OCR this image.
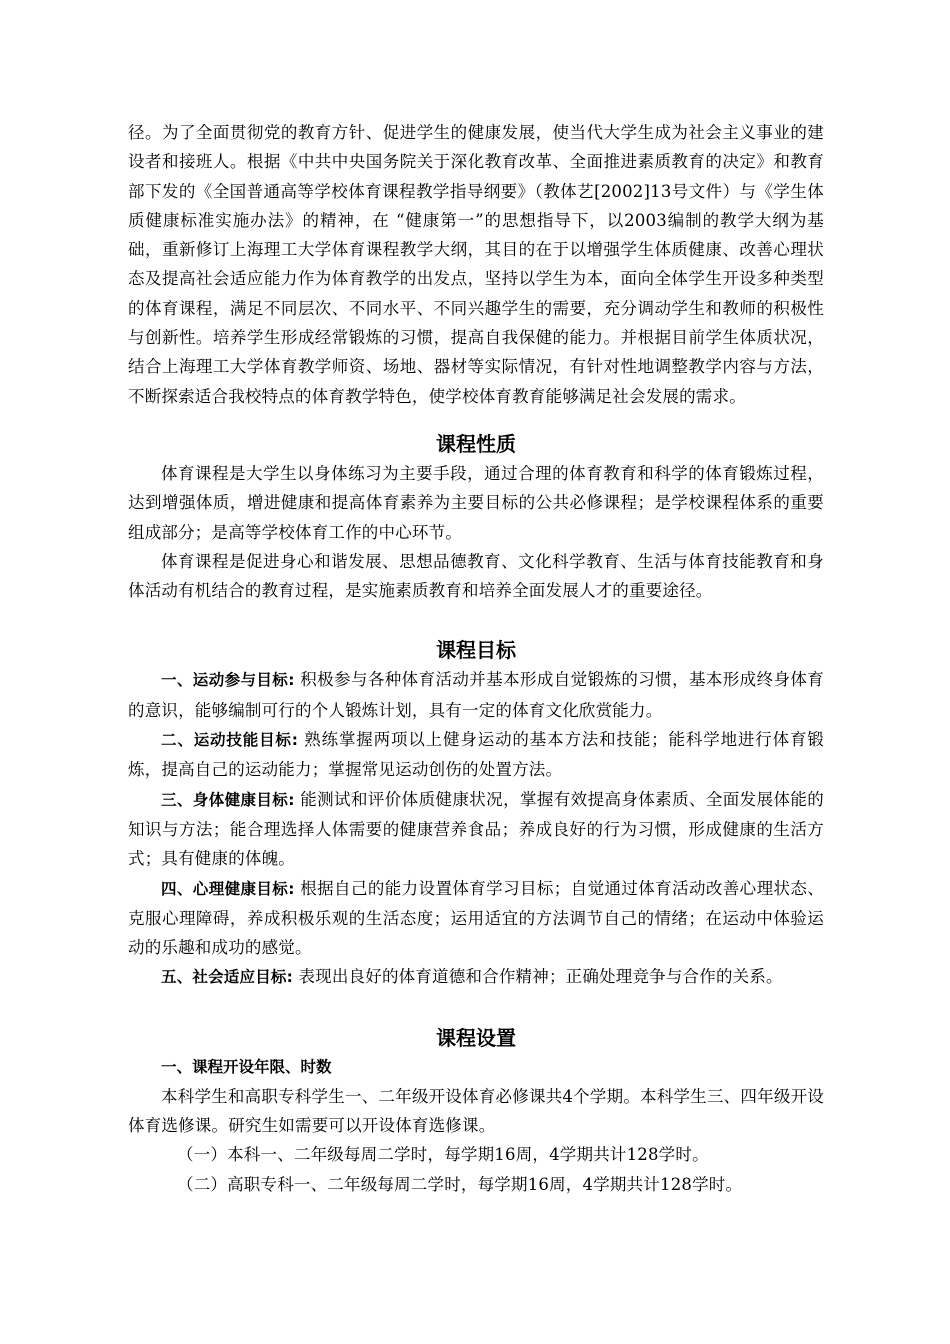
径。为了全面贯彻党的教育方针、促进学生的健康发展，使当代大学生成为社会主义事业的建设者和接班人。根据《中共中央国务院关于深化教育改革、全面推进素质教育的决定》和教育部下发的《全国普通高等学校体育课程教学指导纲要》（教体艺[2002]13号文件）与《学生体质健康标准实施办法》的精神，在 “健康第一”的思想指导下，以2003编制的教学大纲为基础，重新修订上海理工大学体育课程教学大纲，其目的在于以增强学生体质健康、改善心理状态及提高社会适应能力作为体育教学的出发点，坚持以学生为本，面向全体学生开设多种类型的体育课程，满足不同层次、不同水平、不同兴趣学生的需要，充分调动学生和教师的积极性与创新性。培养学生形成经常锻炼的习惯，提高自我保健的能力。并根据目前学生体质状况，结合上海理工大学体育教学师资、场地、器材等实际情况，有针对性地调整教学内容与方法，不断探索适合我校特点的体育教学特色，使学校体育教育能够满足社会发展的需求。

课程性质

体育课程是大学生以身体练习为主要手段，通过合理的体育教育和科学的体育锻炼过程，达到增强体质，增进健康和提高体育素养为主要目标的公共必修课程；是学校课程体系的重要组成部分；是高等学校体育工作的中心环节。

体育课程是促进身心和谐发展、思想品德教育、文化科学教育、生活与体育技能教育和身体活动有机结合的教育过程，是实施素质教育和培养全面发展人才的重要途径。

课程目标

一、运动参与目标: 积极参与各种体育活动并基本形成自觉锻炼的习惯，基本形成终身体育的意识，能够编制可行的个人锻炼计划，具有一定的体育文化欣赏能力。

二、运动技能目标: 熟练掌握两项以上健身运动的基本方法和技能；能科学地进行体育锻炼，提高自己的运动能力；掌握常见运动创伤的处置方法。

三、身体健康目标: 能测试和评价体质健康状况，掌握有效提高身体素质、全面发展体能的知识与方法；能合理选择人体需要的健康营养食品；养成良好的行为习惯，形成健康的生活方式；具有健康的体魄。

四、心理健康目标: 根据自己的能力设置体育学习目标；自觉通过体育活动改善心理状态、克服心理障碍，养成积极乐观的生活态度；运用适宜的方法调节自己的情绪；在运动中体验运动的乐趣和成功的感觉。

五、社会适应目标: 表现出良好的体育道德和合作精神；正确处理竞争与合作的关系。

课程设置

一、课程开设年限、时数

本科学生和高职专科学生一、二年级开设体育必修课共4个学期。本科学生三、四年级开设体育选修课。研究生如需要可以开设体育选修课。

（一）本科一、二年级每周二学时，每学期16周，4学期共计128学时。

（二）高职专科一、二年级每周二学时，每学期16周，4学期共计128学时。
